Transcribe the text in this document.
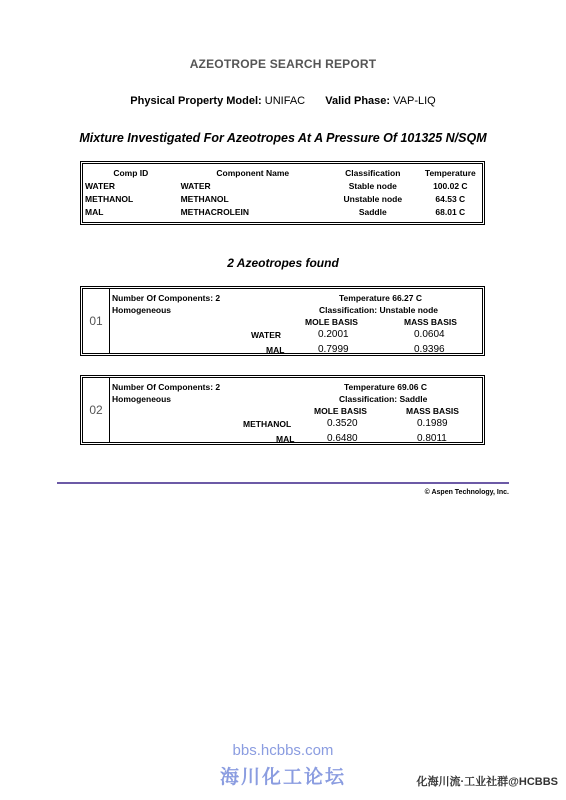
AZEOTROPE SEARCH REPORT
Physical Property Model: UNIFAC Valid Phase: VAP-LIQ
Mixture Investigated For Azeotropes At A Pressure Of 101325 N/SQM
Comp ID	Component Name	Classification	Temperature
WATER	WATER	Stable node	100.02 C
METHANOL	METHANOL	Unstable node	64.53 C
MAL	METHACROLEIN	Saddle	68.01 C
2 Azeotropes found
01
Number Of Components: 2
Homogeneous
Temperature 66.27 C
Classification: Unstable node
MOLE BASIS	MASS BASIS
WATER	0.2001	0.0604
MAL	0.7999	0.9396
02
Number Of Components: 2
Homogeneous
Temperature 69.06 C
Classification: Saddle
MOLE BASIS	MASS BASIS
METHANOL	0.3520	0.1989
MAL	0.6480	0.8011
© Aspen Technology, Inc.
bbs.hcbbs.com
海川化工论坛	化海川流·工业社群@HCBBS
